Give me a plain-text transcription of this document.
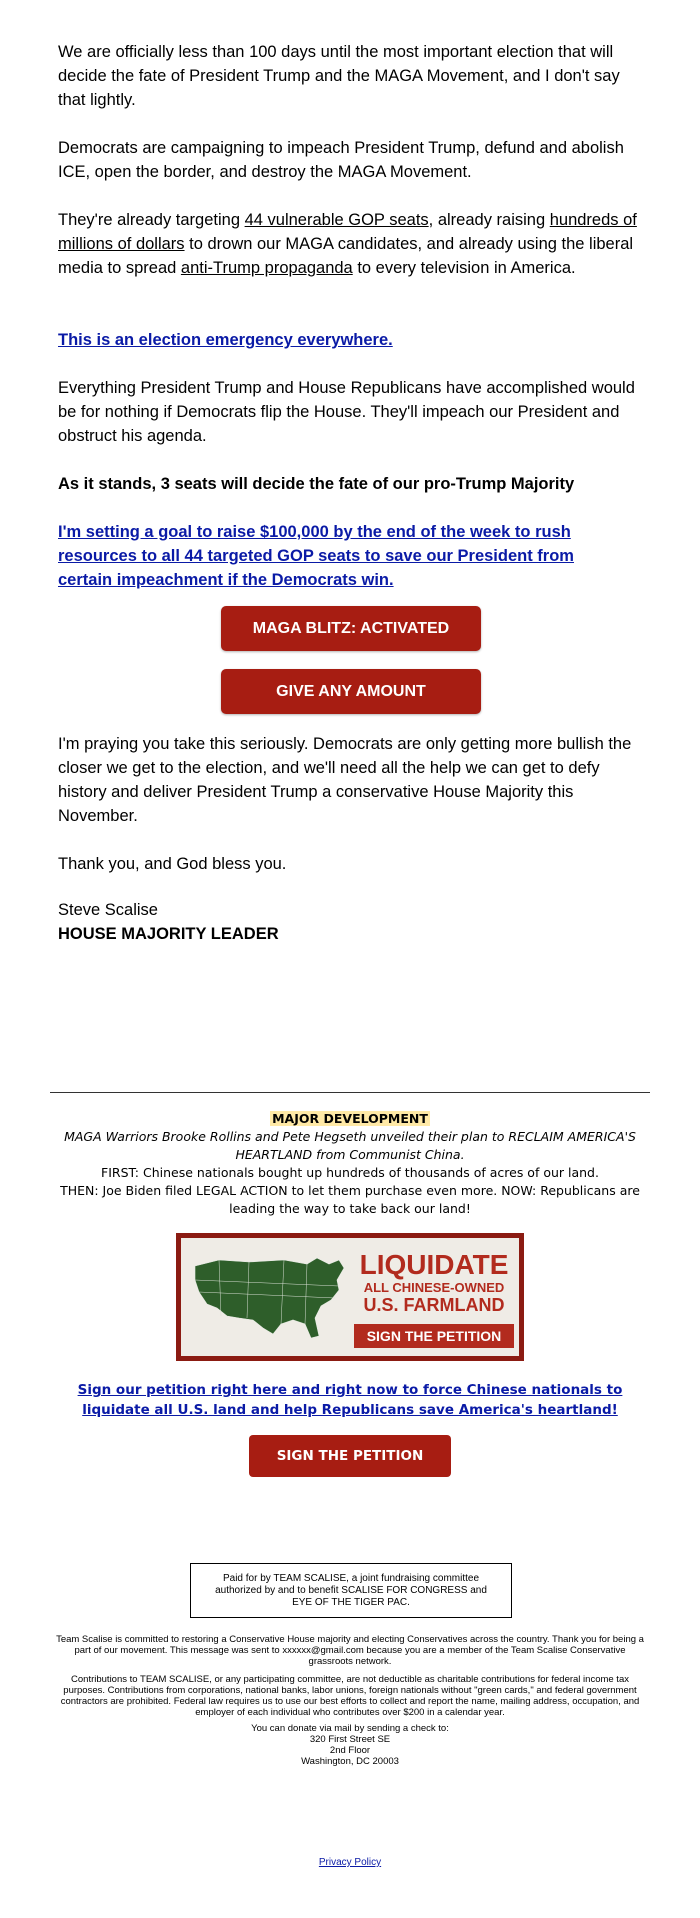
We are officially less than 100 days until the most important election that will decide the fate of President Trump and the MAGA Movement, and I don't say that lightly.

Democrats are campaigning to impeach President Trump, defund and abolish ICE, open the border, and destroy the MAGA Movement.

They're already targeting 44 vulnerable GOP seats, already raising hundreds of millions of dollars to drown our MAGA candidates, and already using the liberal media to spread anti-Trump propaganda to every television in America.

This is an election emergency everywhere.

Everything President Trump and House Republicans have accomplished would be for nothing if Democrats flip the House. They'll impeach our President and obstruct his agenda.

As it stands, 3 seats will decide the fate of our pro-Trump Majority

I'm setting a goal to raise $100,000 by the end of the week to rush resources to all 44 targeted GOP seats to save our President from certain impeachment if the Democrats win.

I'm praying you take this seriously. Democrats are only getting more bullish the closer we get to the election, and we'll need all the help we can get to defy history and deliver President Trump a conservative House Majority this November.

Thank you, and God bless you.

Steve Scalise

HOUSE MAJORITY LEADER

MAGA BLITZ: ACTIVATED
GIVE ANY AMOUNT
MAJOR DEVELOPMENT
MAGA Warriors Brooke Rollins and Pete Hegseth unveiled their plan to RECLAIM AMERICA'S HEARTLAND from Communist China.
FIRST: Chinese nationals bought up hundreds of thousands of acres of our land.
THEN: Joe Biden filed LEGAL ACTION to let them purchase even more. NOW: Republicans are leading the way to take back our land!
LIQUIDATE
ALL CHINESE-OWNED
U.S. FARMLAND
SIGN THE PETITION
Sign our petition right here and right now to force Chinese nationals to liquidate all U.S. land and help Republicans save America's heartland!
SIGN THE PETITION
Paid for by TEAM SCALISE, a joint fundraising committee authorized by and to benefit SCALISE FOR CONGRESS and EYE OF THE TIGER PAC.
Team Scalise is committed to restoring a Conservative House majority and electing Conservatives across the country. Thank you for being a part of our movement. This message was sent to xxxxxx@gmail.com because you are a member of the Team Scalise Conservative grassroots network.
Contributions to TEAM SCALISE, or any participating committee, are not deductible as charitable contributions for federal income tax purposes. Contributions from corporations, national banks, labor unions, foreign nationals without "green cards," and federal government contractors are prohibited. Federal law requires us to use our best efforts to collect and report the name, mailing address, occupation, and employer of each individual who contributes over $200 in a calendar year.
You can donate via mail by sending a check to:
320 First Street SE
2nd Floor
Washington, DC 20003
Privacy Policy
